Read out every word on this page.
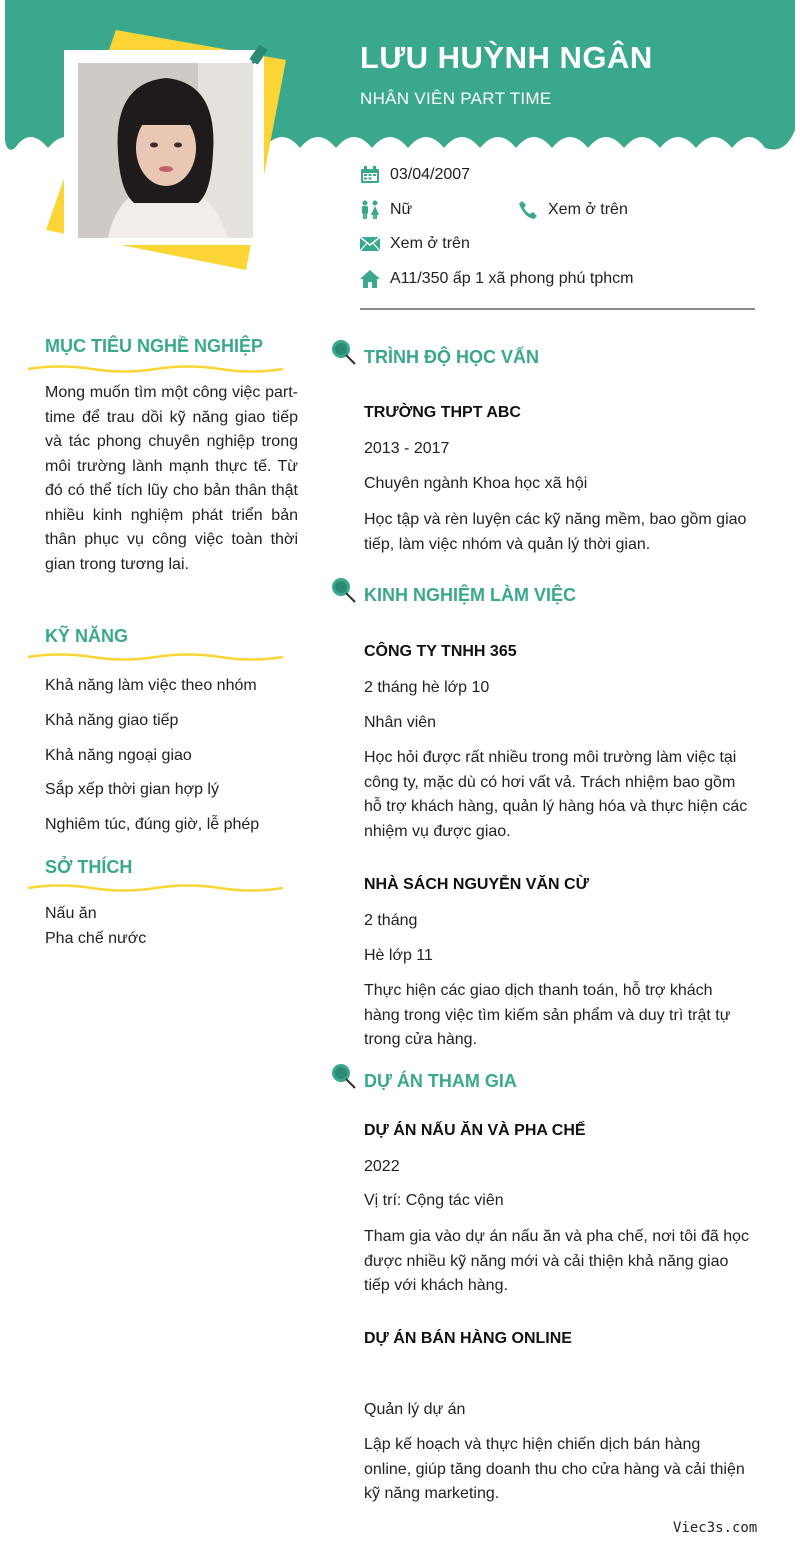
LƯU HUỲNH NGÂN
NHÂN VIÊN PART TIME
03/04/2007
Nữ	Xem ở trên
Xem ở trên
A11/350 ấp 1 xã phong phú tphcm
MỤC TIÊU NGHỀ NGHIỆP
Mong muốn tìm một công việc part-time để trau dồi kỹ năng giao tiếp và tác phong chuyên nghiệp trong môi trường lành mạnh thực tế. Từ đó có thể tích lũy cho bản thân thật nhiều kinh nghiệm phát triển bản thân phục vụ công việc toàn thời gian trong tương lai.
KỸ NĂNG
Khả năng làm việc theo nhóm
Khả năng giao tiếp
Khả năng ngoại giao
Sắp xếp thời gian hợp lý
Nghiêm túc, đúng giờ, lễ phép
SỞ THÍCH
Nấu ăn
Pha chế nước
TRÌNH ĐỘ HỌC VẤN
TRƯỜNG THPT ABC
2013 - 2017
Chuyên ngành Khoa học xã hội
Học tập và rèn luyện các kỹ năng mềm, bao gồm giao tiếp, làm việc nhóm và quản lý thời gian.
KINH NGHIỆM LÀM VIỆC
CÔNG TY TNHH 365
2 tháng hè lớp 10
Nhân viên
Học hỏi được rất nhiều trong môi trường làm việc tại công ty, mặc dù có hơi vất vả. Trách nhiệm bao gồm hỗ trợ khách hàng, quản lý hàng hóa và thực hiện các nhiệm vụ được giao.
NHÀ SÁCH NGUYỄN VĂN CỪ
2 tháng
Hè lớp 11
Thực hiện các giao dịch thanh toán, hỗ trợ khách hàng trong việc tìm kiếm sản phẩm và duy trì trật tự trong cửa hàng.
DỰ ÁN THAM GIA
DỰ ÁN NẤU ĂN VÀ PHA CHẾ
2022
Vị trí: Cộng tác viên
Tham gia vào dự án nấu ăn và pha chế, nơi tôi đã học được nhiều kỹ năng mới và cải thiện khả năng giao tiếp với khách hàng.
DỰ ÁN BÁN HÀNG ONLINE
Quản lý dự án
Lập kế hoạch và thực hiện chiến dịch bán hàng online, giúp tăng doanh thu cho cửa hàng và cải thiện kỹ năng marketing.
Viec3s.com
